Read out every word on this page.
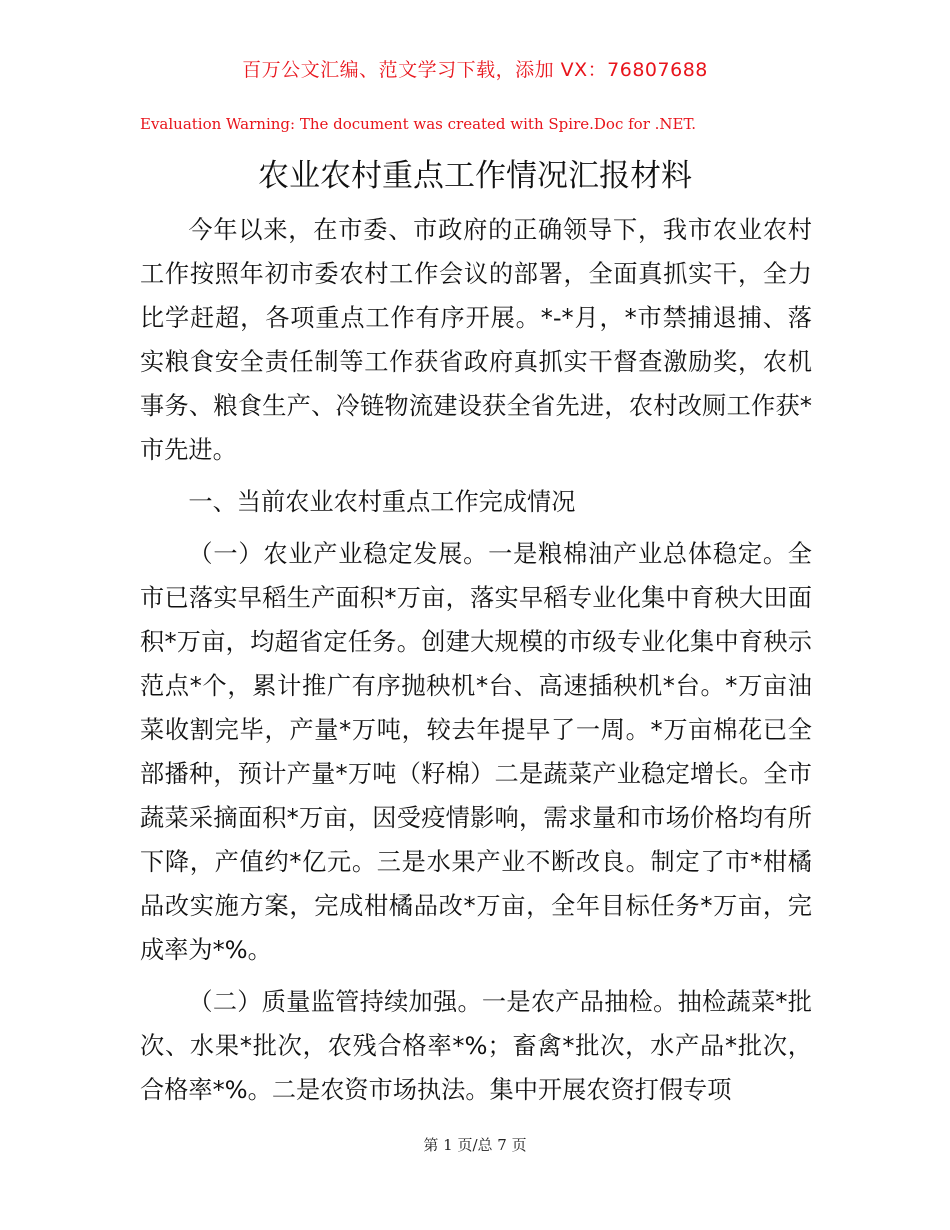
百万公文汇编、范文学习下载，添加 VX：76807688
Evaluation Warning: The document was created with Spire.Doc for .NET.
农业农村重点工作情况汇报材料

今年以来，在市委、市政府的正确领导下，我市农业农村工作按照年初市委农村工作会议的部署，全面真抓实干，全力比学赶超，各项重点工作有序开展。*-*月，*市禁捕退捕、落实粮食安全责任制等工作获省政府真抓实干督查激励奖，农机事务、粮食生产、冷链物流建设获全省先进，农村改厕工作获*市先进。

一、当前农业农村重点工作完成情况

（一）农业产业稳定发展。一是粮棉油产业总体稳定。全市已落实早稻生产面积*万亩，落实早稻专业化集中育秧大田面积*万亩，均超省定任务。创建大规模的市级专业化集中育秧示范点*个，累计推广有序抛秧机*台、高速插秧机*台。*万亩油菜收割完毕，产量*万吨，较去年提早了一周。*万亩棉花已全部播种，预计产量*万吨（籽棉）二是蔬菜产业稳定增长。全市蔬菜采摘面积*万亩，因受疫情影响，需求量和市场价格均有所下降，产值约*亿元。三是水果产业不断改良。制定了市*柑橘品改实施方案，完成柑橘品改*万亩，全年目标任务*万亩，完成率为*%。

（二）质量监管持续加强。一是农产品抽检。抽检蔬菜*批次、水果*批次，农残合格率*%；畜禽*批次，水产品*批次，合格率*%。二是农资市场执法。集中开展农资打假专项

第 1 页/总 7 页
